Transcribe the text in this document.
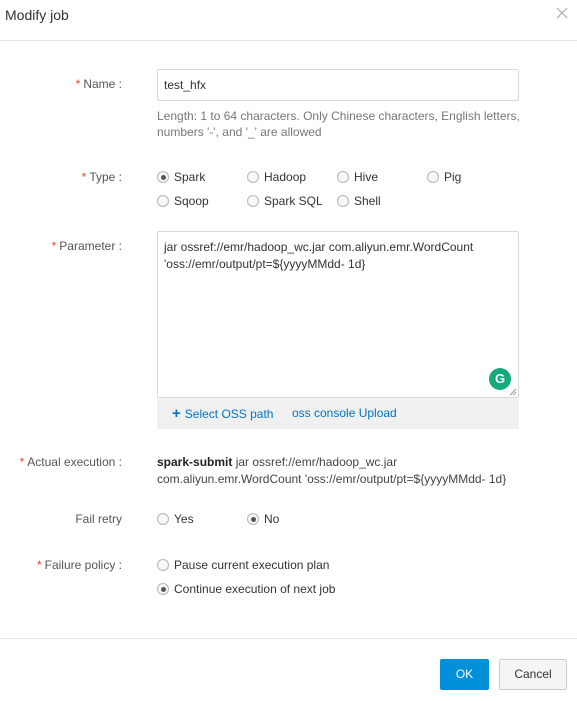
Modify job
* Name :	test_hfx
Length: 1 to 64 characters. Only Chinese characters, English letters, numbers '-', and '_' are allowed
* Type :	Spark	Hadoop	Hive	Pig
Sqoop	Spark SQL	Shell
* Parameter :	jar ossref://emr/hadoop_wc.jar com.aliyun.emr.WordCount
'oss://emr/output/pt=${yyyyMMdd- 1d}
G
+ Select OSS path oss console Upload
* Actual execution :	spark-submit jar ossref://emr/hadoop_wc.jar com.aliyun.emr.WordCount 'oss://emr/output/pt=${yyyyMMdd- 1d}
Fail retry	Yes	No
* Failure policy :	Pause current execution plan
Continue execution of next job
OK	Cancel
